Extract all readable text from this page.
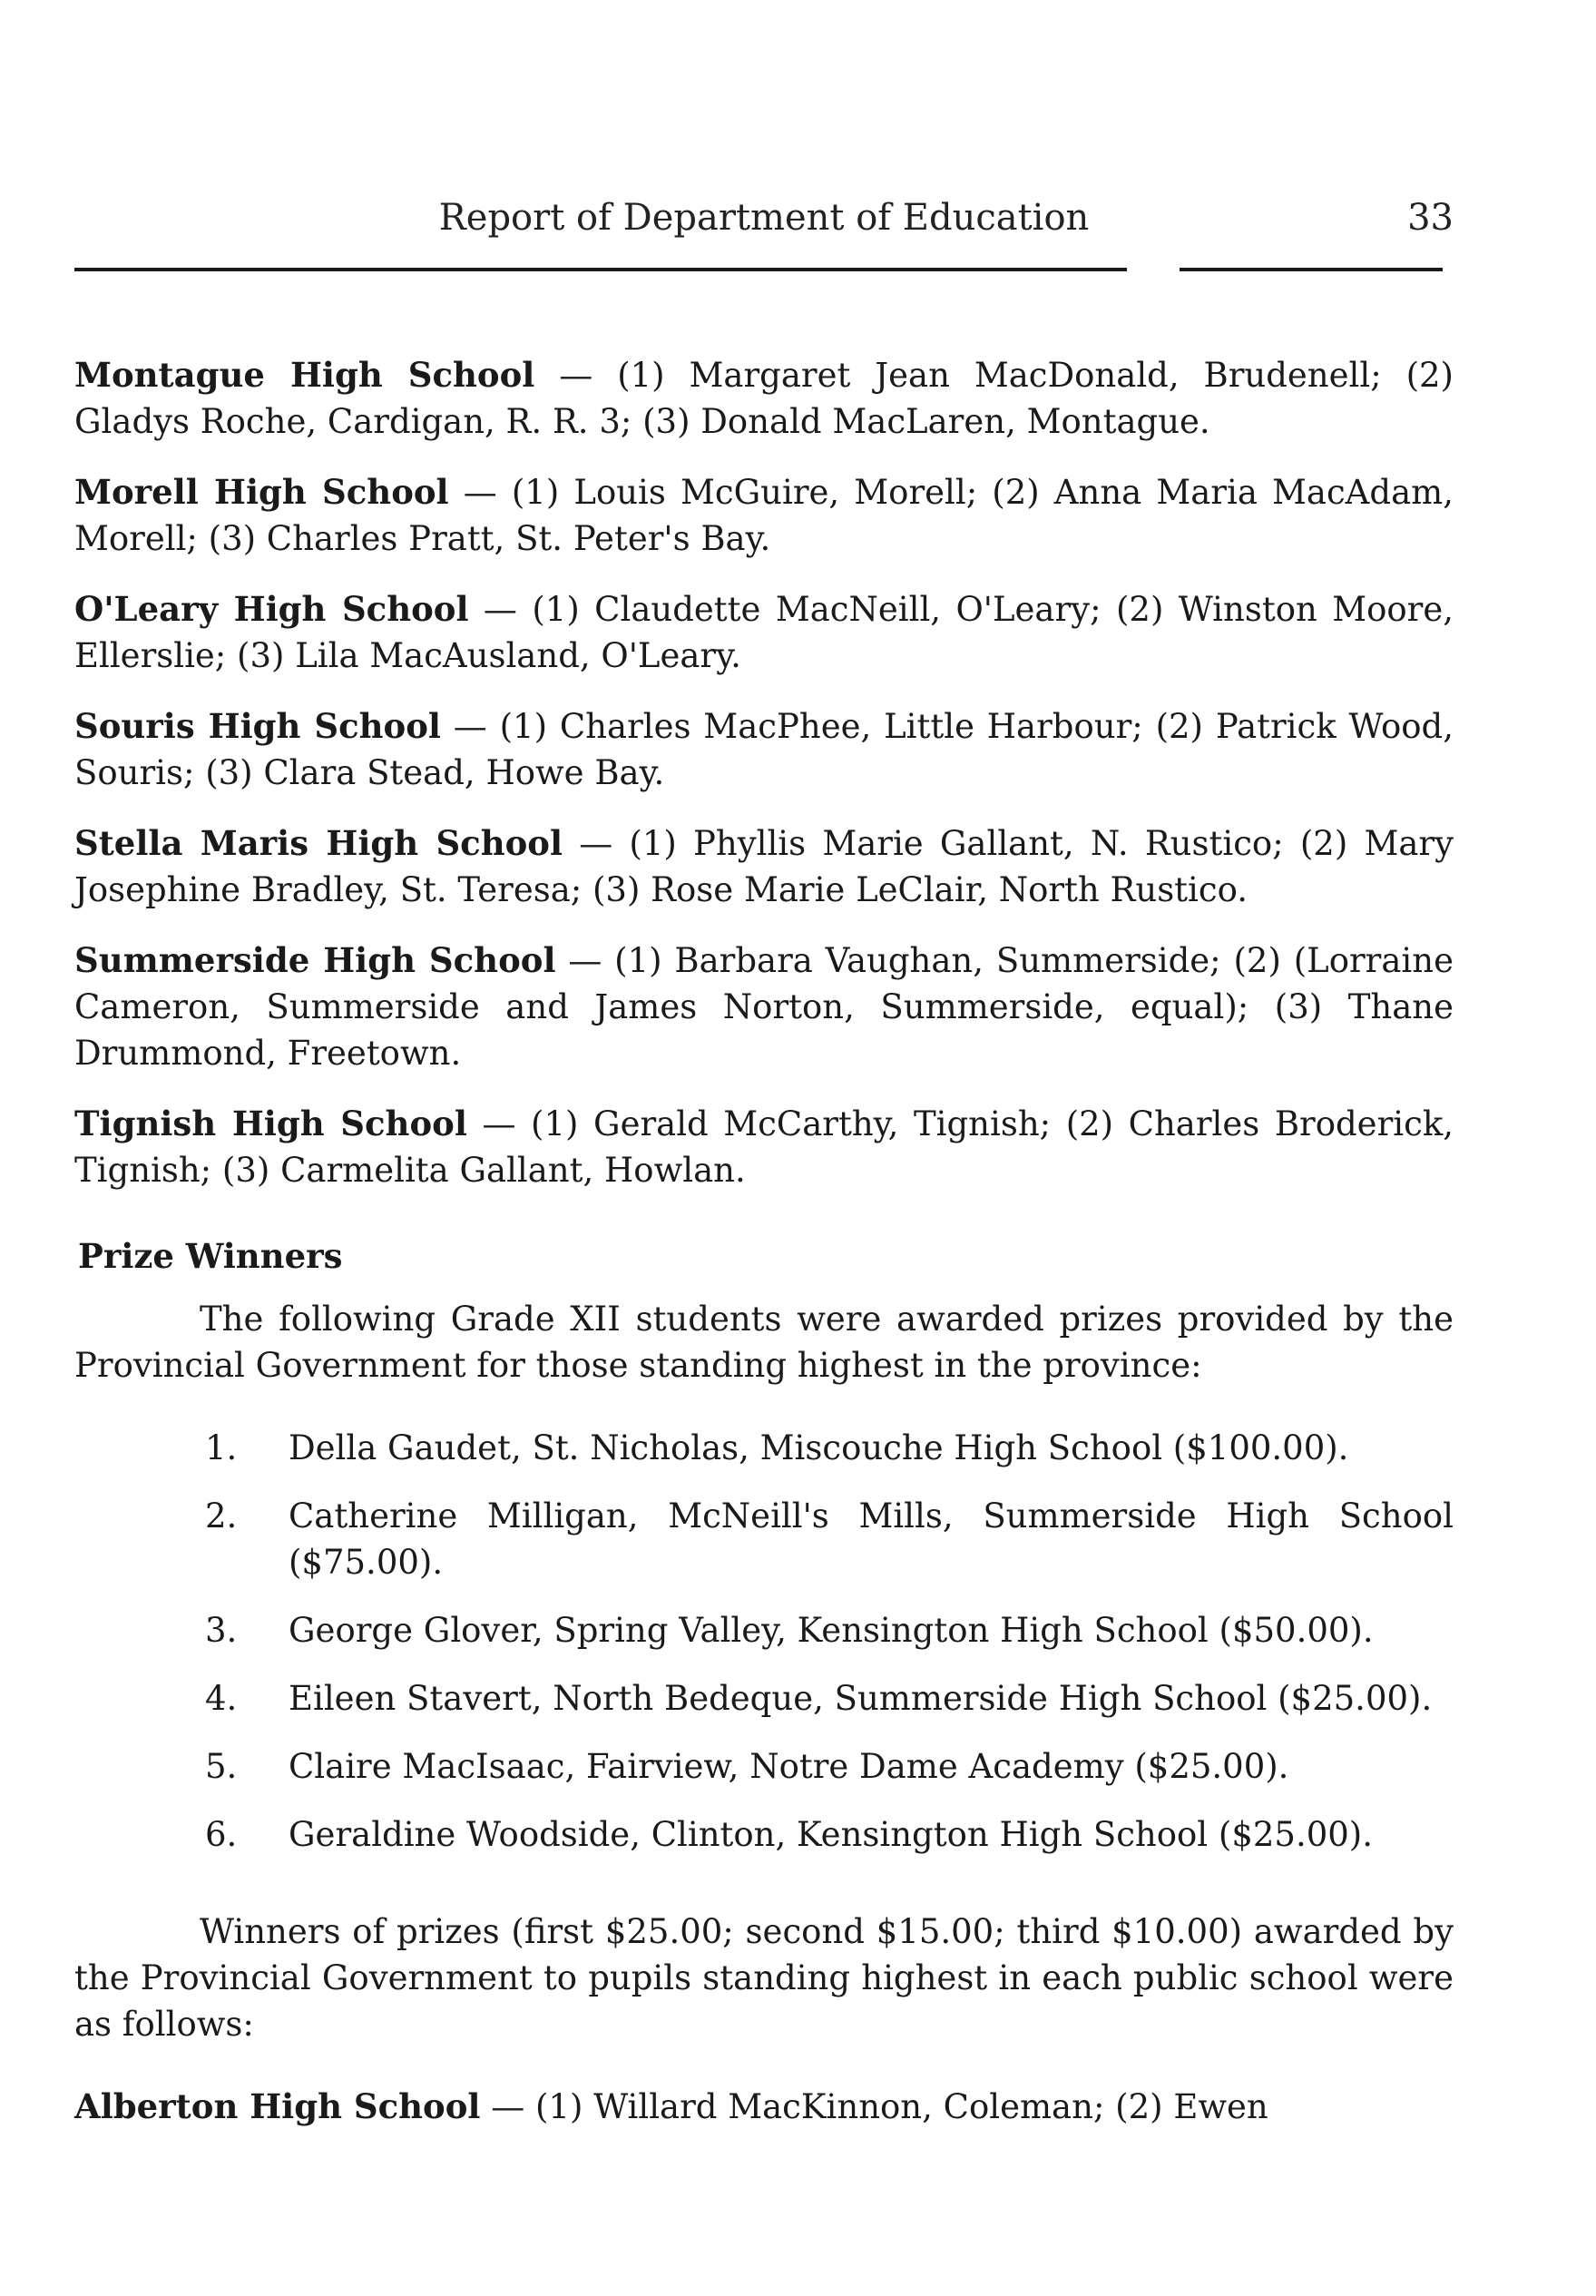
Report of Department of Education	33

Montague High School — (1) Margaret Jean MacDonald, Brudenell; (2) Gladys Roche, Cardigan, R. R. 3; (3) Donald MacLaren, Montague.

Morell High School — (1) Louis McGuire, Morell; (2) Anna Maria MacAdam, Morell; (3) Charles Pratt, St. Peter's Bay.

O'Leary High School — (1) Claudette MacNeill, O'Leary; (2) Winston Moore, Ellerslie; (3) Lila MacAusland, O'Leary.

Souris High School — (1) Charles MacPhee, Little Harbour; (2) Patrick Wood, Souris; (3) Clara Stead, Howe Bay.

Stella Maris High School — (1) Phyllis Marie Gallant, N. Rustico; (2) Mary Josephine Bradley, St. Teresa; (3) Rose Marie LeClair, North Rustico.

Summerside High School — (1) Barbara Vaughan, Summerside; (2) (Lorraine Cameron, Summerside and James Norton, Summerside, equal); (3) Thane Drummond, Freetown.

Tignish High School — (1) Gerald McCarthy, Tignish; (2) Charles Broderick, Tignish; (3) Carmelita Gallant, Howlan.

Prize Winners

The following Grade XII students were awarded prizes provided by the Provincial Government for those standing highest in the province:

1. Della Gaudet, St. Nicholas, Miscouche High School ($100.00).
2. Catherine Milligan, McNeill's Mills, Summerside High School ($75.00).
3. George Glover, Spring Valley, Kensington High School ($50.00).
4. Eileen Stavert, North Bedeque, Summerside High School ($25.00).
5. Claire MacIsaac, Fairview, Notre Dame Academy ($25.00).
6. Geraldine Woodside, Clinton, Kensington High School ($25.00).

Winners of prizes (first $25.00; second $15.00; third $10.00) awarded by the Provincial Government to pupils standing highest in each public school were as follows:

Alberton High School — (1) Willard MacKinnon, Coleman; (2) Ewen
